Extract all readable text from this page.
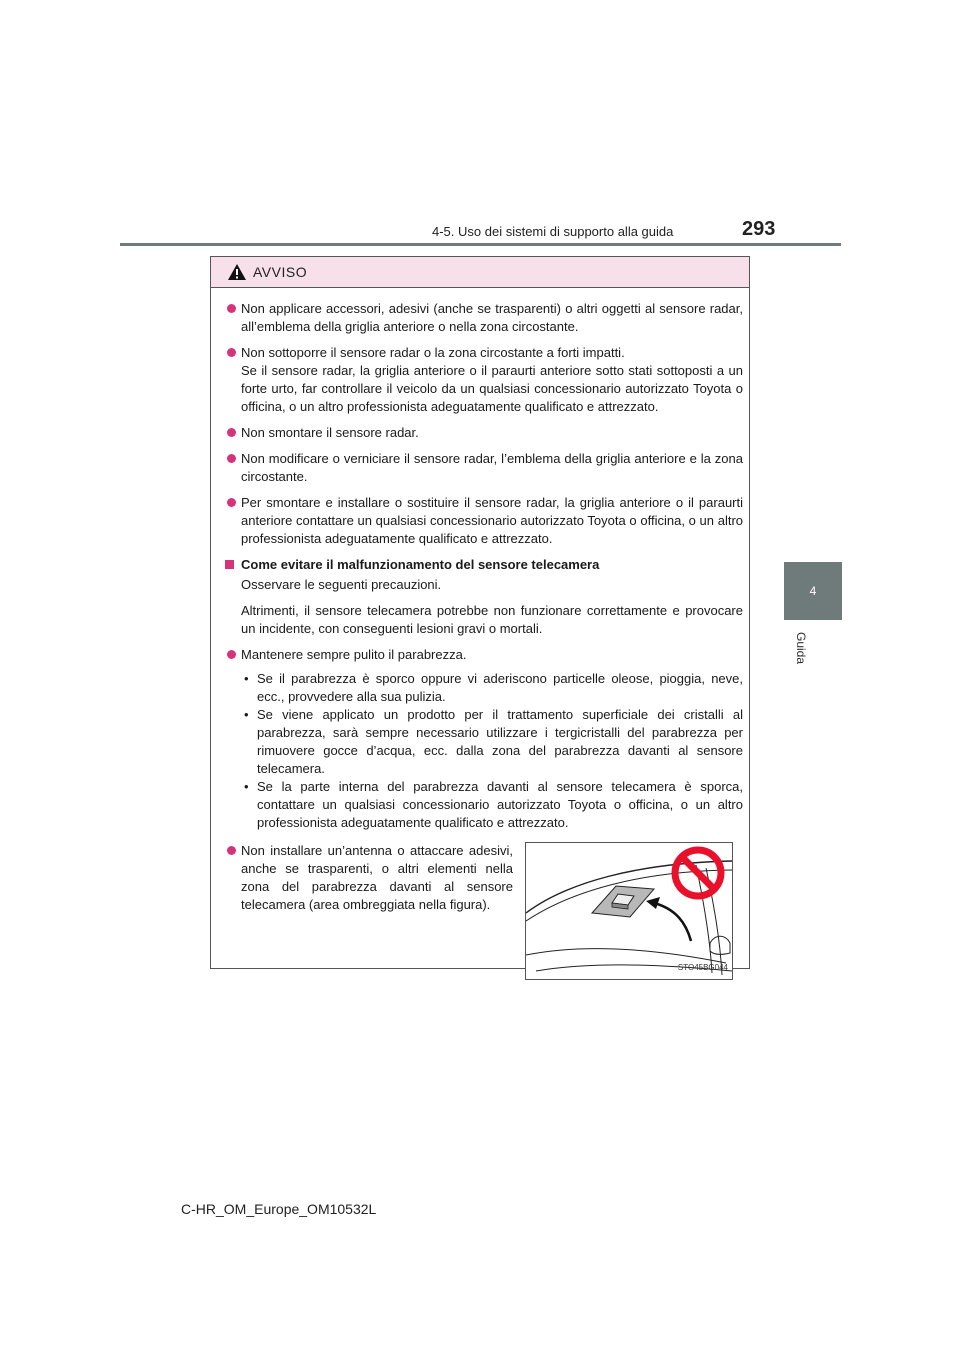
4-5. Uso dei sistemi di supporto alla guida	293
4
Guida
AVVISO

Non applicare accessori, adesivi (anche se trasparenti) o altri oggetti al sensore radar, all’emblema della griglia anteriore o nella zona circostante.

Non sottoporre il sensore radar o la zona circostante a forti impatti.

Se il sensore radar, la griglia anteriore o il paraurti anteriore sotto stati sottoposti a un forte urto, far controllare il veicolo da un qualsiasi concessionario autorizzato Toyota o officina, o un altro professionista adeguatamente qualificato e attrezzato.

Non smontare il sensore radar.

Non modificare o verniciare il sensore radar, l’emblema della griglia anteriore e la zona circostante.

Per smontare e installare o sostituire il sensore radar, la griglia anteriore o il paraurti anteriore contattare un qualsiasi concessionario autorizzato Toyota o officina, o un altro professionista adeguatamente qualificato e attrezzato.

Come evitare il malfunzionamento del sensore telecamera

Osservare le seguenti precauzioni.

Altrimenti, il sensore telecamera potrebbe non funzionare correttamente e provocare un incidente, con conseguenti lesioni gravi o mortali.

Mantenere sempre pulito il parabrezza.

• Se il parabrezza è sporco oppure vi aderiscono particelle oleose, pioggia, neve, ecc., provvedere alla sua pulizia.
• Se viene applicato un prodotto per il trattamento superficiale dei cristalli al parabrezza, sarà sempre necessario utilizzare i tergicristalli del parabrezza per rimuovere gocce d’acqua, ecc. dalla zona del parabrezza davanti al sensore telecamera.
• Se la parte interna del parabrezza davanti al sensore telecamera è sporca, contattare un qualsiasi concessionario autorizzato Toyota o officina, o un altro professionista adeguatamente qualificato e attrezzato.

Non installare un’antenna o attaccare adesivi, anche se trasparenti, o altri elementi nella zona del parabrezza davanti al sensore telecamera (area ombreggiata nella figura).

STO45BG044
C-HR_OM_Europe_OM10532L
